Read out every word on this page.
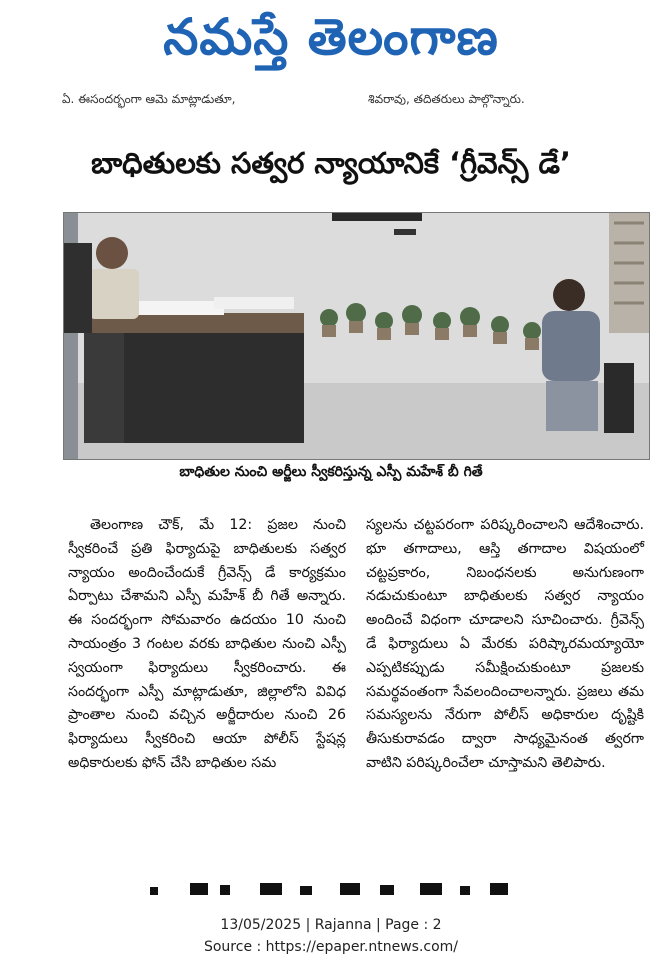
నమస్తే తెలంగాణ
ఏ. ఈసందర్భంగా ఆమె మాట్లాడుతూ,	శివరావు, తదితరులు పాల్గొన్నారు.
బాధితులకు సత్వర న్యాయానికే ‘గ్రీవెన్స్ డే’
బాధితుల నుంచి అర్జీలు స్వీకరిస్తున్న ఎస్పీ మహేశ్ బీ గితే

తెలంగాణ చౌక్, మే 12: ప్రజల నుంచి స్వీకరించే ప్రతి ఫిర్యాదుపై బాధితులకు సత్వర న్యాయం అందించేందుకే గ్రీవెన్స్ డే కార్యక్రమం ఏర్పాటు చేశామని ఎస్పీ మహేశ్ బీ గితే అన్నారు. ఈ సందర్భంగా సోమవారం ఉదయం 10 నుంచి సాయంత్రం 3 గంటల వరకు బాధితుల నుంచి ఎస్పీ స్వయంగా ఫిర్యాదులు స్వీకరించారు. ఈ సందర్భంగా ఎస్పీ మాట్లాడుతూ, జిల్లాలోని వివిధ ప్రాంతాల నుంచి వచ్చిన అర్జీదారుల నుంచి 26 ఫిర్యాదులు స్వీకరించి ఆయా పోలీస్ స్టేషన్ల అధికారులకు ఫోన్ చేసి బాధితుల సమ

స్యలను చట్టపరంగా పరిష్కరించాలని ఆదేశించారు. భూ తగాదాలు, ఆస్తి తగాదాల విషయంలో చట్టప్రకారం, నిబంధనలకు అనుగుణంగా నడుచుకుంటూ బాధితులకు సత్వర న్యాయం అందించే విధంగా చూడాలని సూచించారు. గ్రీవెన్స్ డే ఫిర్యాదులు ఏ మేరకు పరిష్కారమయ్యాయో ఎప్పటికప్పుడు సమీక్షించుకుంటూ ప్రజలకు సమర్థవంతంగా సేవలందించాలన్నారు. ప్రజలు తమ సమస్యలను నేరుగా పోలీస్ అధికారుల దృష్టికి తీసుకురావడం ద్వారా సాధ్యమైనంత త్వరగా వాటిని పరిష్కరించేలా చూస్తామని తెలిపారు.

13/05/2025 | Rajanna | Page : 2
Source : https://epaper.ntnews.com/
